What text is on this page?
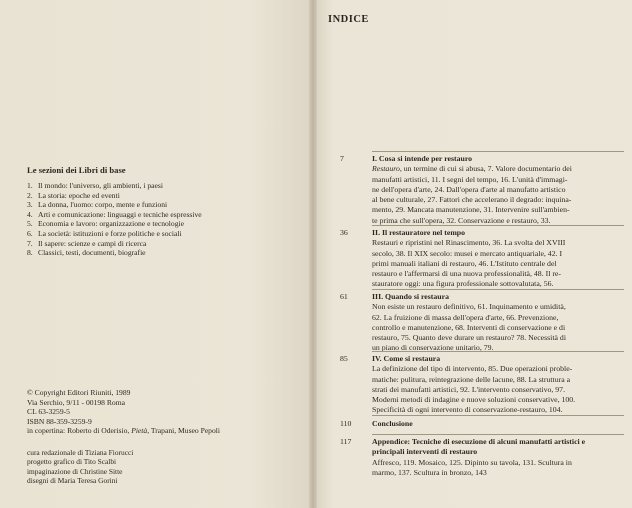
Le sezioni dei Libri di base
1. Il mondo: l'universo, gli ambienti, i paesi
2. La storia: epoche ed eventi
3. La donna, l'uomo: corpo, mente e funzioni
4. Arti e comunicazione: linguaggi e tecniche espressive
5. Economia e lavoro: organizzazione e tecnologie
6. La società: istituzioni e forze politiche e sociali
7. Il sapere: scienze e campi di ricerca
8. Classici, testi, documenti, biografie
© Copyright Editori Riuniti, 1989
Via Serchio, 9/11 - 00198 Roma
CL 63-3259-5
ISBN 88-359-3259-9
in copertina: Roberto di Oderisio, Pietà, Trapani, Museo Pepoli
cura redazionale di Tiziana Fiorucci
progetto grafico di Tito Scalbi
impaginazione di Christine Sitte
disegni di Maria Teresa Gorini
INDICE
7	I. Cosa si intende per restauro
Restauro, un termine di cui si abusa, 7. Valore documentario dei
manufatti artistici, 11. I segni del tempo, 16. L'unità d'immagi-
ne dell'opera d'arte, 24. Dall'opera d'arte al manufatto artistico
al bene culturale, 27. Fattori che accelerano il degrado: inquina-
mento, 29. Mancata manutenzione, 31. Intervenire sull'ambien-
te prima che sull'opera, 32. Conservazione e restauro, 33.
36	II. Il restauratore nel tempo
Restauri e ripristini nel Rinascimento, 36. La svolta del XVIII
secolo, 38. Il XIX secolo: musei e mercato antiquariale, 42. I
primi manuali italiani di restauro, 46. L'Istituto centrale del
restauro e l'affermarsi di una nuova professionalità, 48. Il re-
stauratore oggi: una figura professionale sottovalutata, 56.
61	III. Quando si restaura
Non esiste un restauro definitivo, 61. Inquinamento e umidità,
62. La fruizione di massa dell'opera d'arte, 66. Prevenzione,
controllo e manutenzione, 68. Interventi di conservazione e di
restauro, 75. Quanto deve durare un restauro? 78. Necessità di
un piano di conservazione unitario, 79.
85	IV. Come si restaura
La definizione del tipo di intervento, 85. Due operazioni proble-
matiche: pulitura, reintegrazione delle lacune, 88. La struttura a
strati dei manufatti artistici, 92. L'intervento conservativo, 97.
Moderni metodi di indagine e nuove soluzioni conservative, 100.
Specificità di ogni intervento di conservazione-restauro, 104.
110	Conclusione
117	Appendice: Tecniche di esecuzione di alcuni manufatti artistici e
principali interventi di restauro
Affresco, 119. Mosaico, 125. Dipinto su tavola, 131. Scultura in
marmo, 137. Scultura in bronzo, 143
